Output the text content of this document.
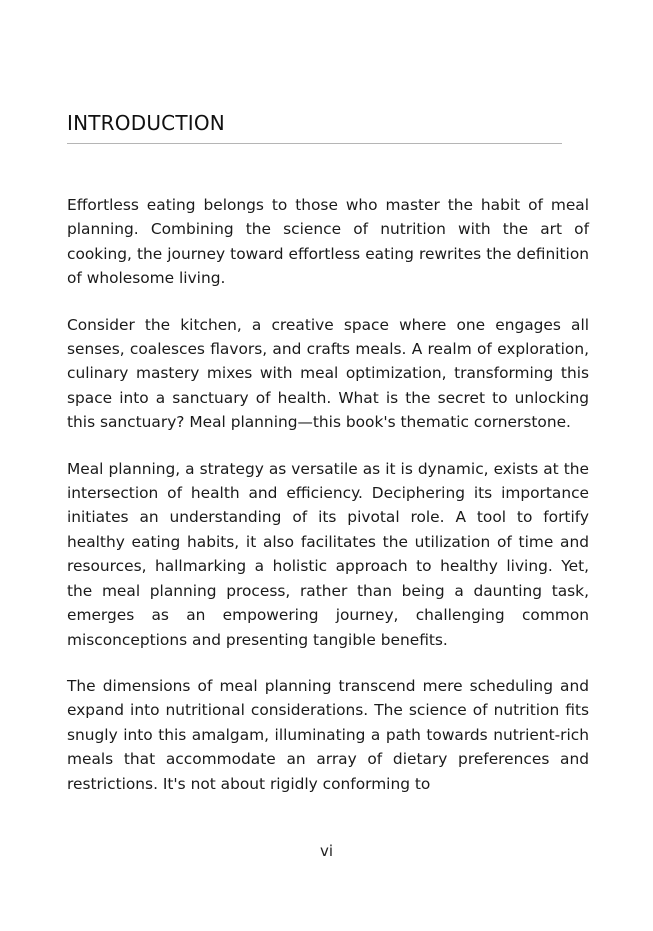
INTRODUCTION

Effortless eating belongs to those who master the habit of meal planning. Combining the science of nutrition with the art of cooking, the journey toward effortless eating rewrites the definition of wholesome living.

Consider the kitchen, a creative space where one engages all senses, coalesces flavors, and crafts meals. A realm of exploration, culinary mastery mixes with meal optimization, transforming this space into a sanctuary of health. What is the secret to unlocking this sanctuary? Meal planning—this book's thematic cornerstone.

Meal planning, a strategy as versatile as it is dynamic, exists at the intersection of health and efficiency. Deciphering its importance initiates an understanding of its pivotal role. A tool to fortify healthy eating habits, it also facilitates the utilization of time and resources, hallmarking a holistic approach to healthy living. Yet, the meal planning process, rather than being a daunting task, emerges as an empowering journey, challenging common misconceptions and presenting tangible benefits.

The dimensions of meal planning transcend mere scheduling and expand into nutritional considerations. The science of nutrition fits snugly into this amalgam, illuminating a path towards nutrient-rich meals that accommodate an array of dietary preferences and restrictions. It's not about rigidly conforming to

vi
